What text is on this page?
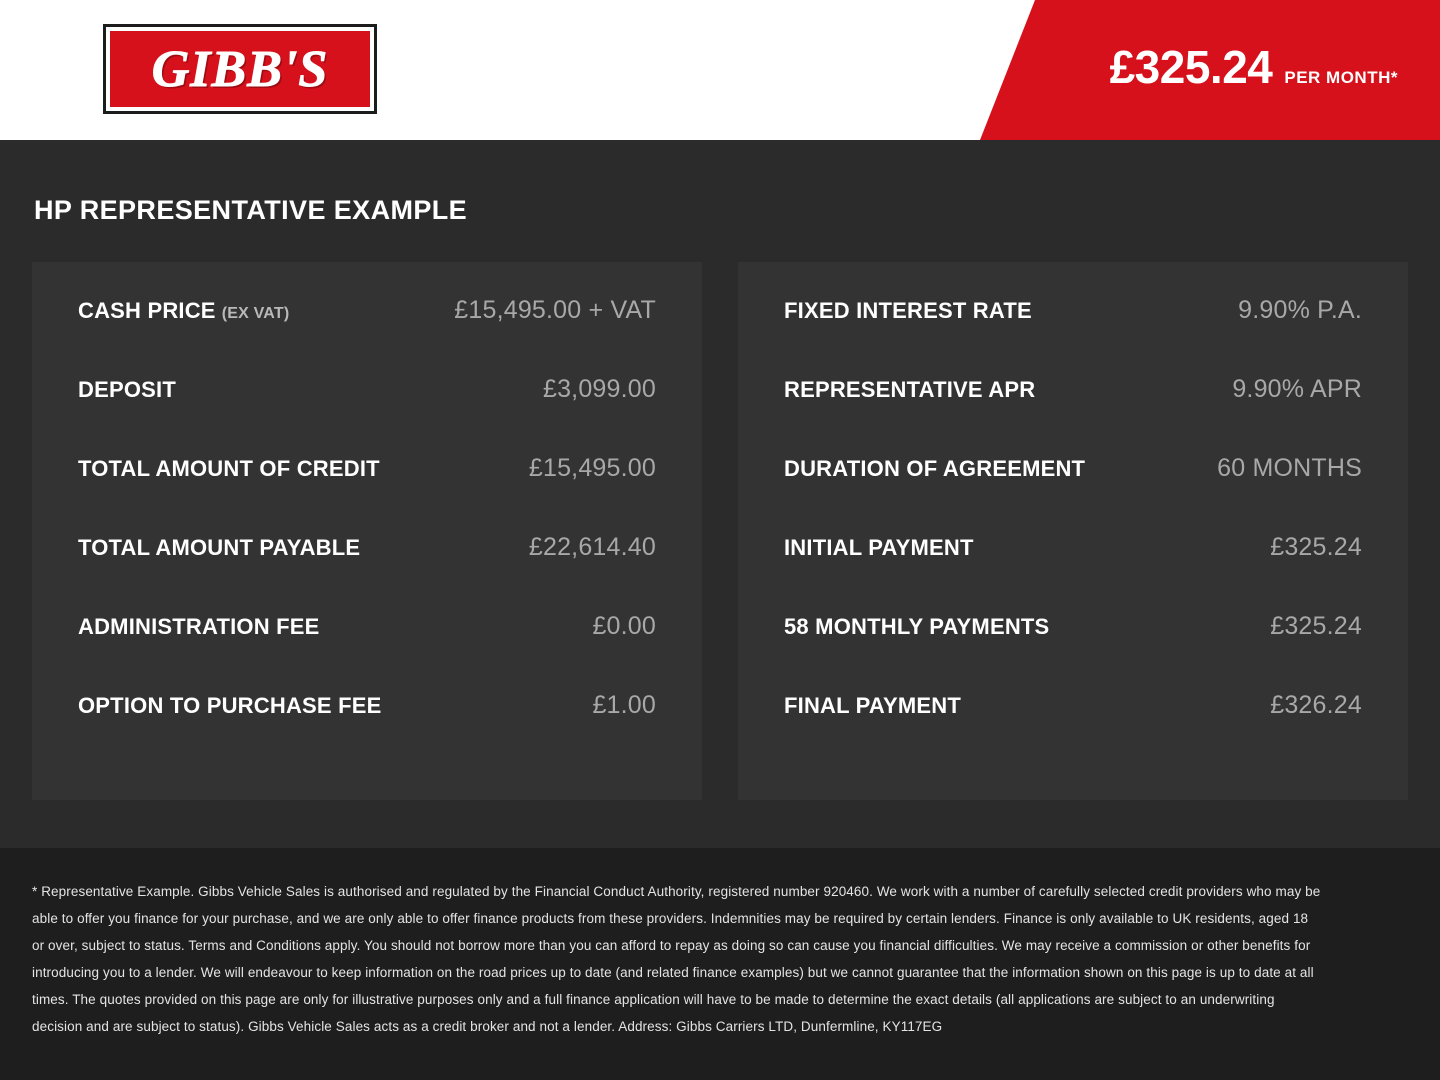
GIBB'S	£325.24 PER MONTH*
HP REPRESENTATIVE EXAMPLE
CASH PRICE (EX VAT)	£15,495.00 + VAT
DEPOSIT	£3,099.00
TOTAL AMOUNT OF CREDIT	£15,495.00
TOTAL AMOUNT PAYABLE	£22,614.40
ADMINISTRATION FEE	£0.00
OPTION TO PURCHASE FEE	£1.00
FIXED INTEREST RATE	9.90% P.A.
REPRESENTATIVE APR	9.90% APR
DURATION OF AGREEMENT	60 MONTHS
INITIAL PAYMENT	£325.24
58 MONTHLY PAYMENTS	£325.24
FINAL PAYMENT	£326.24

* Representative Example. Gibbs Vehicle Sales is authorised and regulated by the Financial Conduct Authority, registered number 920460. We work with a number of carefully selected credit providers who may be able to offer you finance for your purchase, and we are only able to offer finance products from these providers. Indemnities may be required by certain lenders. Finance is only available to UK residents, aged 18 or over, subject to status. Terms and Conditions apply. You should not borrow more than you can afford to repay as doing so can cause you financial difficulties. We may receive a commission or other benefits for introducing you to a lender. We will endeavour to keep information on the road prices up to date (and related finance examples) but we cannot guarantee that the information shown on this page is up to date at all times. The quotes provided on this page are only for illustrative purposes only and a full finance application will have to be made to determine the exact details (all applications are subject to an underwriting decision and are subject to status). Gibbs Vehicle Sales acts as a credit broker and not a lender. Address: Gibbs Carriers LTD, Dunfermline, KY117EG
